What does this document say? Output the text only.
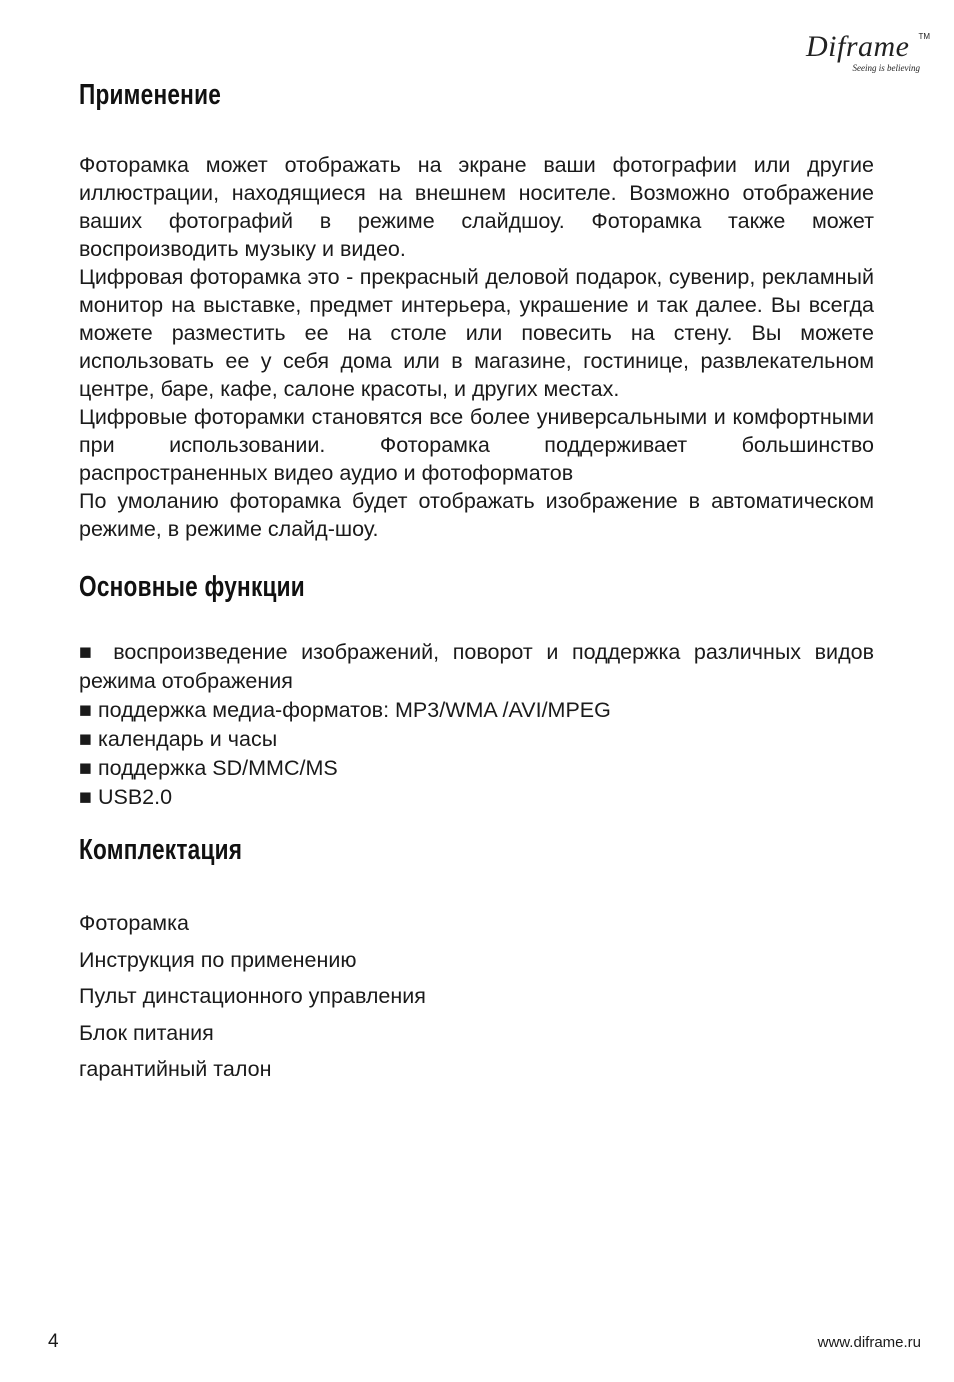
Diframe TM
Seeing is believing
Применение

Фоторамка может отображать на экране ваши фотографии или другие иллюстрации, находящиеся на внешнем носителе. Возможно отображение ваших фотографий в режиме слайдшоу. Фоторамка также может воспроизводить музыку и видео.

Цифровая фоторамка это - прекрасный деловой подарок, сувенир, рекламный монитор на выставке, предмет интерьера, украшение и так далее. Вы всегда можете разместить ее на столе или повесить на стену. Вы можете использовать ее у себя дома или в магазине, гостинице, развлекательном центре, баре, кафе, салоне красоты, и других местах.

Цифровые фоторамки становятся все более универсальными и комфортными при использовании. Фоторамка поддерживает большинство распространенных видео аудио и фотоформатов

По умоланию фоторамка будет отображать изображение в автоматическом режиме, в режиме слайд-шоу.

Основные функции
■ воспроизведение изображений, поворот и поддержка различных видов режима отображения
■ поддержка медиа-форматов: MP3/WMA /AVI/MPEG
■ календарь и часы
■ поддержка SD/MMC/MS
■ USB2.0
Комплектация
Фоторамка
Инструкция по применению
Пульт динстационного управления
Блок питания
гарантийный талон
4	www.diframe.ru
